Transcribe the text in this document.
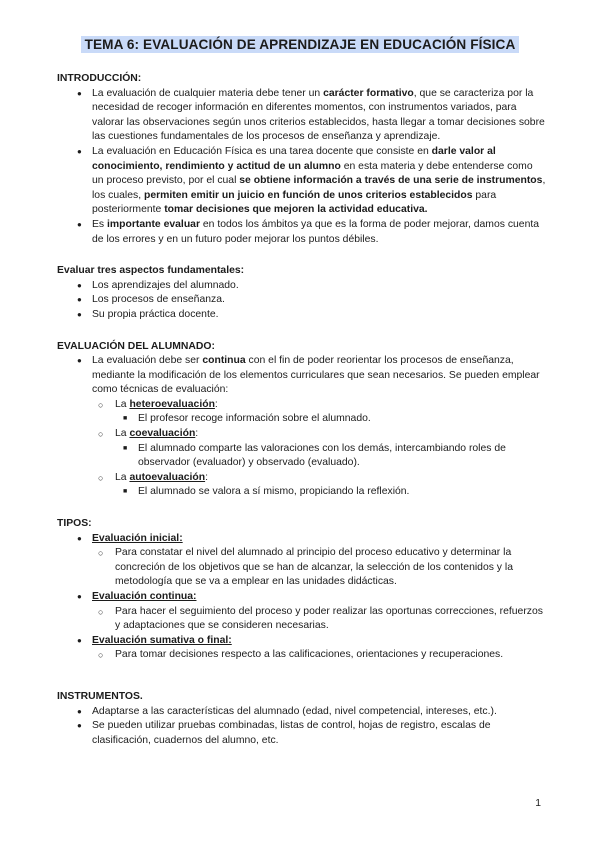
TEMA 6: EVALUACIÓN DE APRENDIZAJE EN EDUCACIÓN FÍSICA

INTRODUCCIÓN:

● La evaluación de cualquier materia debe tener un carácter formativo, que se caracteriza por la necesidad de recoger información en diferentes momentos, con instrumentos variados, para valorar las observaciones según unos criterios establecidos, hasta llegar a tomar decisiones sobre las cuestiones fundamentales de los procesos de enseñanza y aprendizaje.
● La evaluación en Educación Física es una tarea docente que consiste en darle valor al conocimiento, rendimiento y actitud de un alumno en esta materia y debe entenderse como un proceso previsto, por el cual se obtiene información a través de una serie de instrumentos, los cuales, permiten emitir un juicio en función de unos criterios establecidos para posteriormente tomar decisiones que mejoren la actividad educativa.
● Es importante evaluar en todos los ámbitos ya que es la forma de poder mejorar, damos cuenta de los errores y en un futuro poder mejorar los puntos débiles.

Evaluar tres aspectos fundamentales:

● Los aprendizajes del alumnado.
● Los procesos de enseñanza.
● Su propia práctica docente.

EVALUACIÓN DEL ALUMNADO:

● La evaluación debe ser continua con el fin de poder reorientar los procesos de enseñanza, mediante la modificación de los elementos curriculares que sean necesarios. Se pueden emplear como técnicas de evaluación:
○ La heteroevaluación:
■ El profesor recoge información sobre el alumnado.
○ La coevaluación:
■ El alumnado comparte las valoraciones con los demás, intercambiando roles de observador (evaluador) y observado (evaluado).
○ La autoevaluación:
■ El alumnado se valora a sí mismo, propiciando la reflexión.

TIPOS:

● Evaluación inicial:
○ Para constatar el nivel del alumnado al principio del proceso educativo y determinar la concreción de los objetivos que se han de alcanzar, la selección de los contenidos y la metodología que se va a emplear en las unidades didácticas.
● Evaluación continua:
○ Para hacer el seguimiento del proceso y poder realizar las oportunas correcciones, refuerzos y adaptaciones que se consideren necesarias.
● Evaluación sumativa o final:
○ Para tomar decisiones respecto a las calificaciones, orientaciones y recuperaciones.

INSTRUMENTOS.

● Adaptarse a las características del alumnado (edad, nivel competencial, intereses, etc.).
● Se pueden utilizar pruebas combinadas, listas de control, hojas de registro, escalas de clasificación, cuadernos del alumno, etc.
1
